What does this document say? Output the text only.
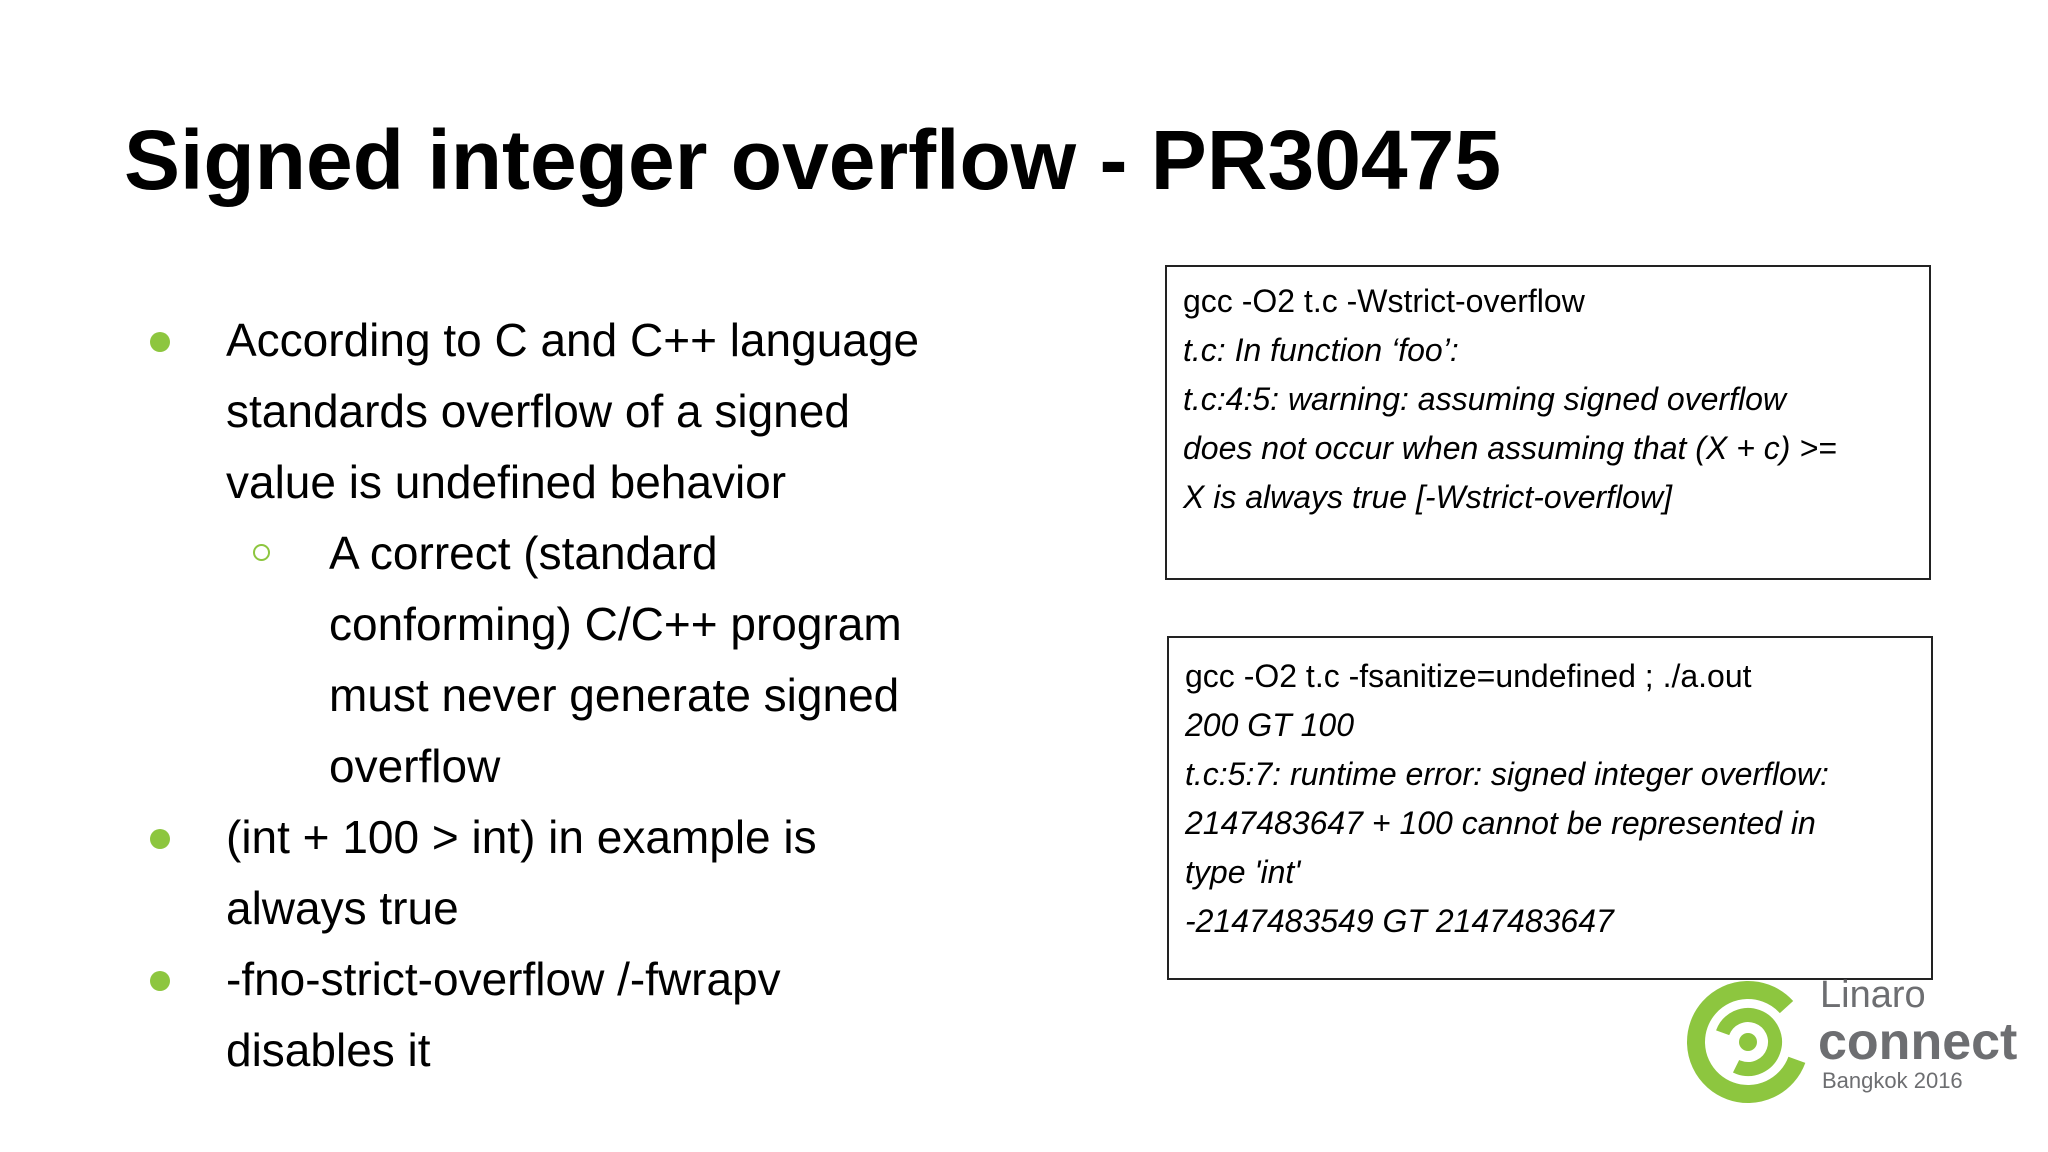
Signed integer overflow - PR30475
According to C and C++ language
standards overflow of a signed
value is undefined behavior
A correct (standard
conforming) C/C++ program
must never generate signed
overflow
(int + 100 > int) in example is
always true
-fno-strict-overflow /-fwrapv
disables it
gcc -O2 t.c -Wstrict-overflow
t.c: In function ‘foo’:
t.c:4:5: warning: assuming signed overflow
does not occur when assuming that (X + c) >=
X is always true [-Wstrict-overflow]
gcc -O2 t.c -fsanitize=undefined ; ./a.out
200 GT 100
t.c:5:7: runtime error: signed integer overflow:
2147483647 + 100 cannot be represented in
type 'int'
-2147483549 GT 2147483647
Linaro
connect
Bangkok 2016
